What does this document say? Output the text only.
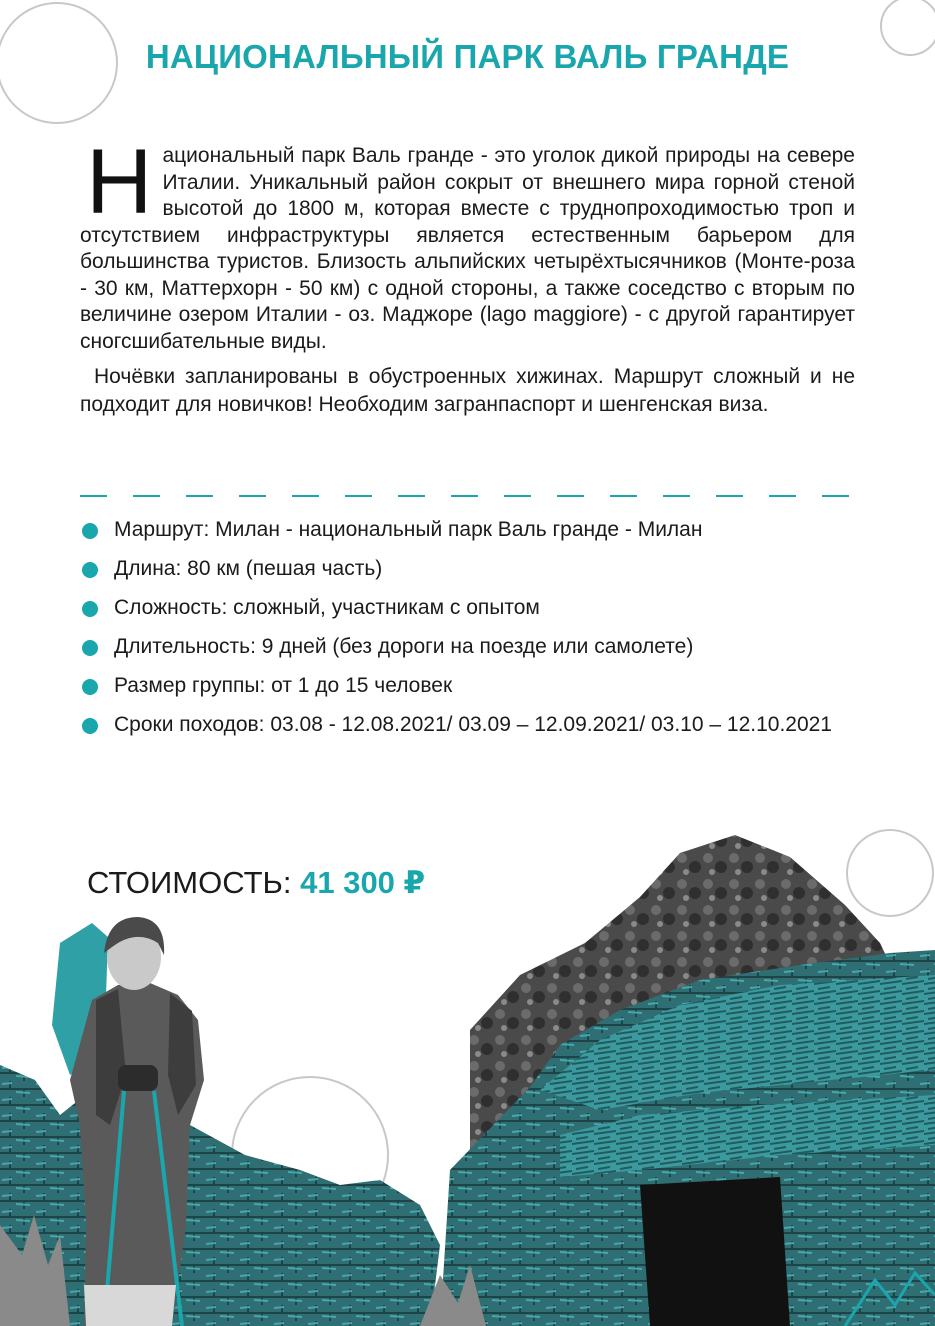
НАЦИОНАЛЬНЫЙ ПАРК ВАЛЬ ГРАНДЕ

Национальный парк Валь гранде - это уголок дикой природы на севере Италии. Уникальный район сокрыт от внешнего мира горной стеной высотой до 1800 м, которая вместе с труднопроходимостью троп и отсутствием инфраструктуры является естественным барьером для большинства туристов. Близость альпийских четырёхтысячников (Монте-роза - 30 км, Маттерхорн - 50 км) с одной стороны, а также соседство с вторым по величине озером Италии - оз. Маджоре (lago maggiore) - с другой гарантирует сногсшибательные виды.

Ночёвки запланированы в обустроенных хижинах. Маршрут сложный и не подходит для новичков! Необходим загранпаспорт и шенгенская виза.

Маршрут: Милан - национальный парк Валь гранде - Милан
Длина: 80 км (пешая часть)
Сложность: сложный, участникам с опытом
Длительность: 9 дней (без дороги на поезде или самолете)
Размер группы: от 1 до 15 человек
Сроки походов: 03.08 - 12.08.2021/ 03.09 – 12.09.2021/ 03.10 – 12.10.2021
СТОИМОСТЬ: 41 300 ₽
